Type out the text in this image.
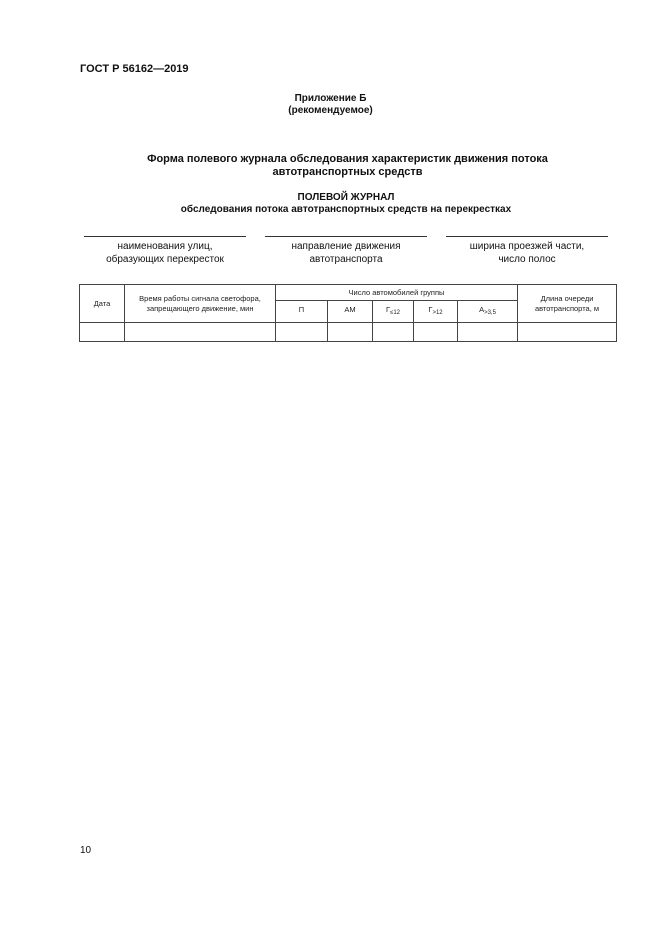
ГОСТ Р 56162—2019
Приложение Б
(рекомендуемое)
Форма полевого журнала обследования характеристик движения потока автотранспортных средств
ПОЛЕВОЙ ЖУРНАЛ
обследования потока автотранспортных средств на перекрестках
наименования улиц,
образующих перекресток
направление движения
автотранспорта
ширина проезжей части,
число полос
Дата	Время работы сигнала светофора, запрещающего движение, мин	Число автомобилей группы					Длина очереди автотранспорта, м
		П	АМ	$Г_{\le 12}$	$Г_{>12}$	$А_{>3,5}$

10
